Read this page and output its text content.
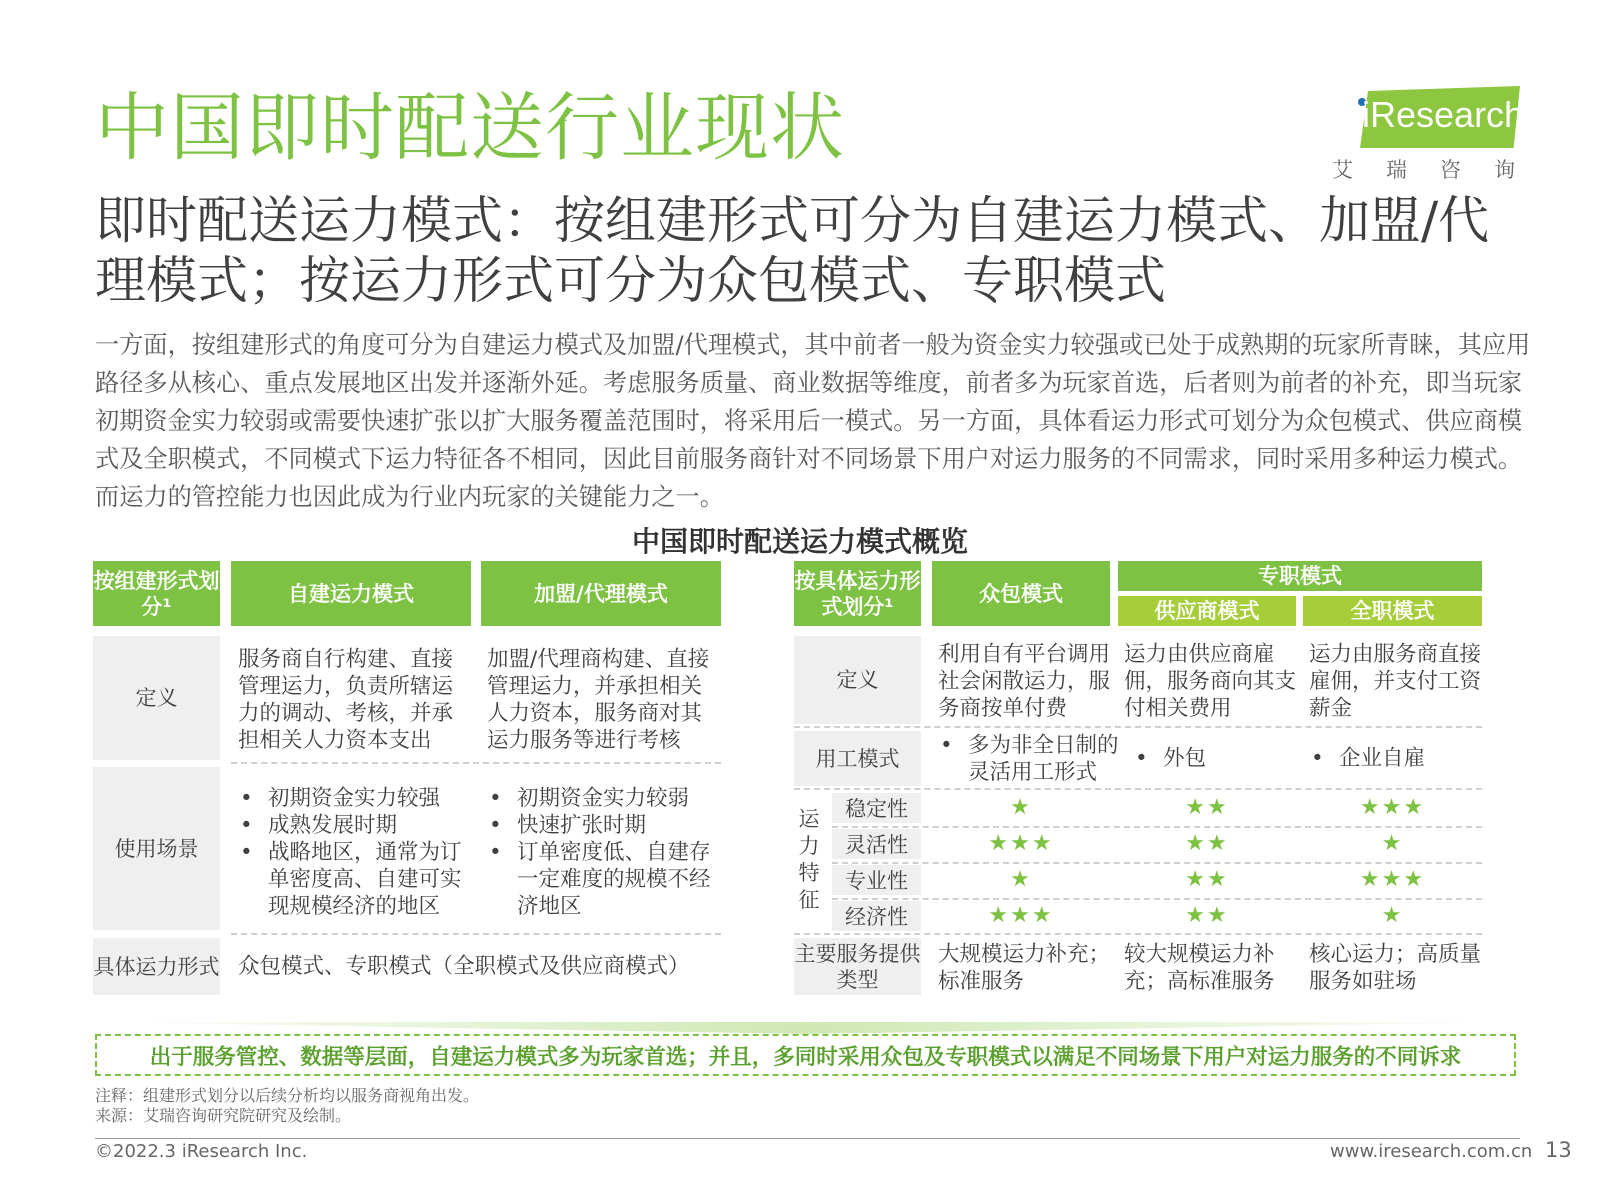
中国即时配送行业现状	iResearch
艾瑞咨询
即时配送运力模式：按组建形式可分为自建运力模式、加盟/代理模式；按运力形式可分为众包模式、专职模式
一方面，按组建形式的角度可分为自建运力模式及加盟/代理模式，其中前者一般为资金实力较强或已处于成熟期的玩家所青睐，其应用路径多从核心、重点发展地区出发并逐渐外延。考虑服务质量、商业数据等维度，前者多为玩家首选，后者则为前者的补充，即当玩家初期资金实力较弱或需要快速扩张以扩大服务覆盖范围时，将采用后一模式。另一方面，具体看运力形式可划分为众包模式、供应商模式及全职模式，不同模式下运力特征各不相同，因此目前服务商针对不同场景下用户对运力服务的不同需求，同时采用多种运力模式。而运力的管控能力也因此成为行业内玩家的关键能力之一。
中国即时配送运力模式概览
按组建形式划分¹
自建运力模式	加盟/代理模式
定义
服务商自行构建、直接管理运力，负责所辖运力的调动、考核，并承担相关人力资本支出
加盟/代理商构建、直接管理运力，并承担相关人力资本，服务商对其运力服务等进行考核
使用场景
• 初期资金实力较强
• 成熟发展时期
• 战略地区，通常为订单密度高、自建可实现规模经济的地区
• 初期资金实力较弱
• 快速扩张时期
• 订单密度低、自建存一定难度的规模不经济地区
具体运力形式 众包模式、专职模式（全职模式及供应商模式）
按具体运力形式划分¹
众包模式
专职模式
供应商模式	全职模式
定义
利用自有平台调用社会闲散运力，服务商按单付费
运力由供应商雇佣，服务商向其支付相关费用
运力由服务商直接雇佣，并支付工资薪金
用工模式
• 多为非全日制的灵活用工形式
• 外包
•	企业自雇
运力特征
稳定性	★	★★	★★★
灵活性	★★★	★★	★
专业性	★	★★	★★★
经济性	★★★	★★	★
主要服务提供类型
大规模运力补充；标准服务
较大规模运力补充；高标准服务
核心运力；高质量服务如驻场
出于服务管控、数据等层面，自建运力模式多为玩家首选；并且，多同时采用众包及专职模式以满足不同场景下用户对运力服务的不同诉求
注释：组建形式划分以后续分析均以服务商视角出发。
来源：艾瑞咨询研究院研究及绘制。
©2022.3 iResearch Inc.	www.iresearch.com.cn 13
